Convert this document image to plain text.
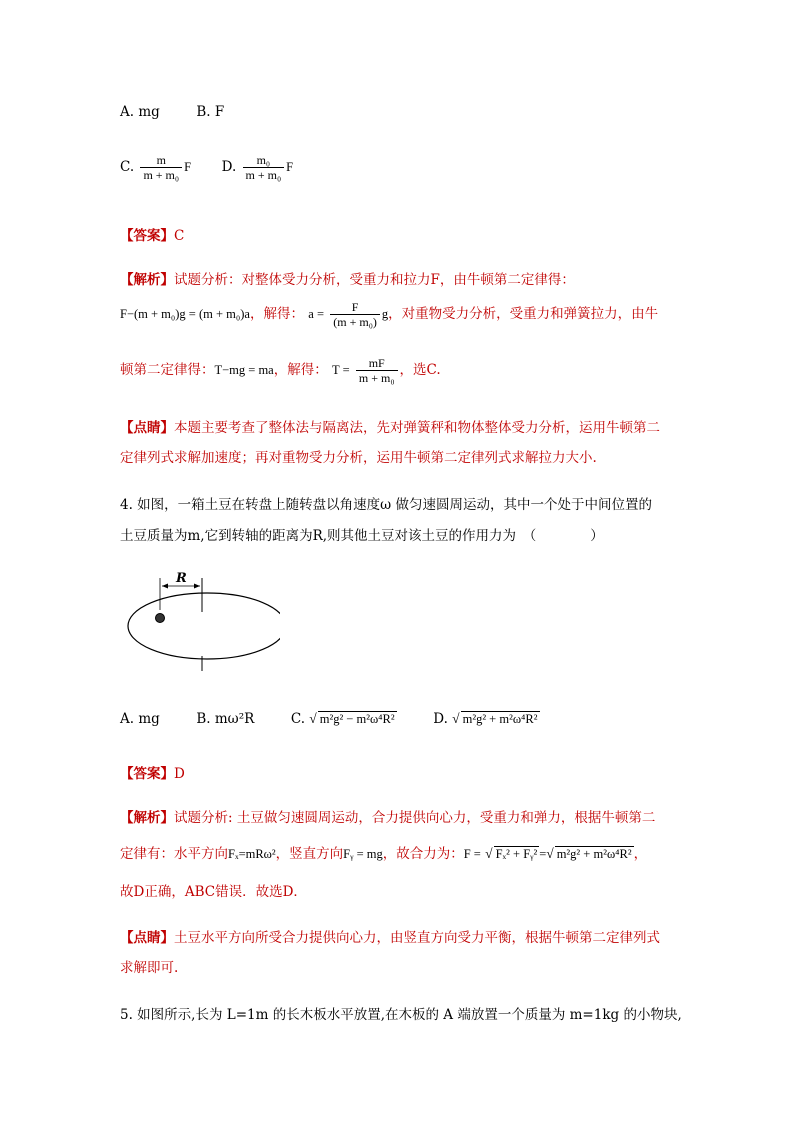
A. mg	B. F
C. $\frac{m}{\text{m + m₀}}$ F D. $\frac{\text{m₀}}{\text{m + m₀}}$ F
【答案】C
【解析】试题分析：对整体受力分析，受重力和拉力F，由牛顿第二定律得：
F−(m + m₀)g = (m + m₀)a，解得： $a = \frac{F}{\text{(m + m₀)}}$ g，对重物受力分析，受重力和弹簧拉力，由牛
顿第二定律得：T−mg = ma，解得： $T = \frac{mF}{\text{m + m₀}}$ ，选C.
【点睛】本题主要考查了整体法与隔离法，先对弹簧秤和物体整体受力分析，运用牛顿第二
定律列式求解加速度；再对重物受力分析，运用牛顿第二定律列式求解拉力大小.
4. 如图，一箱土豆在转盘上随转盘以角速度ω 做匀速圆周运动，其中一个处于中间位置的
土豆质量为m,它到转轴的距离为R,则其他土豆对该土豆的作用力为　（　　　　）
R
A. mg	B. mω²R	C. √ m²g² − m²ω⁴R²	D. √ m²g² + m²ω⁴R²
【答案】D
【解析】试题分析: 土豆做匀速圆周运动，合力提供向心力，受重力和弹力，根据牛顿第二
定律有：水平方向Fₓ=mRω²，竖直方向Fᵧ = mg，故合力为：F = √ Fₓ² + Fᵧ² =√ m²g² + m²ω⁴R² ，
故D正确，ABC错误．故选D．
【点睛】土豆水平方向所受合力提供向心力，由竖直方向受力平衡，根据牛顿第二定律列式
求解即可.
5. 如图所示,长为 L=1m 的长木板水平放置,在木板的 A 端放置一个质量为 m=1kg 的小物块,
